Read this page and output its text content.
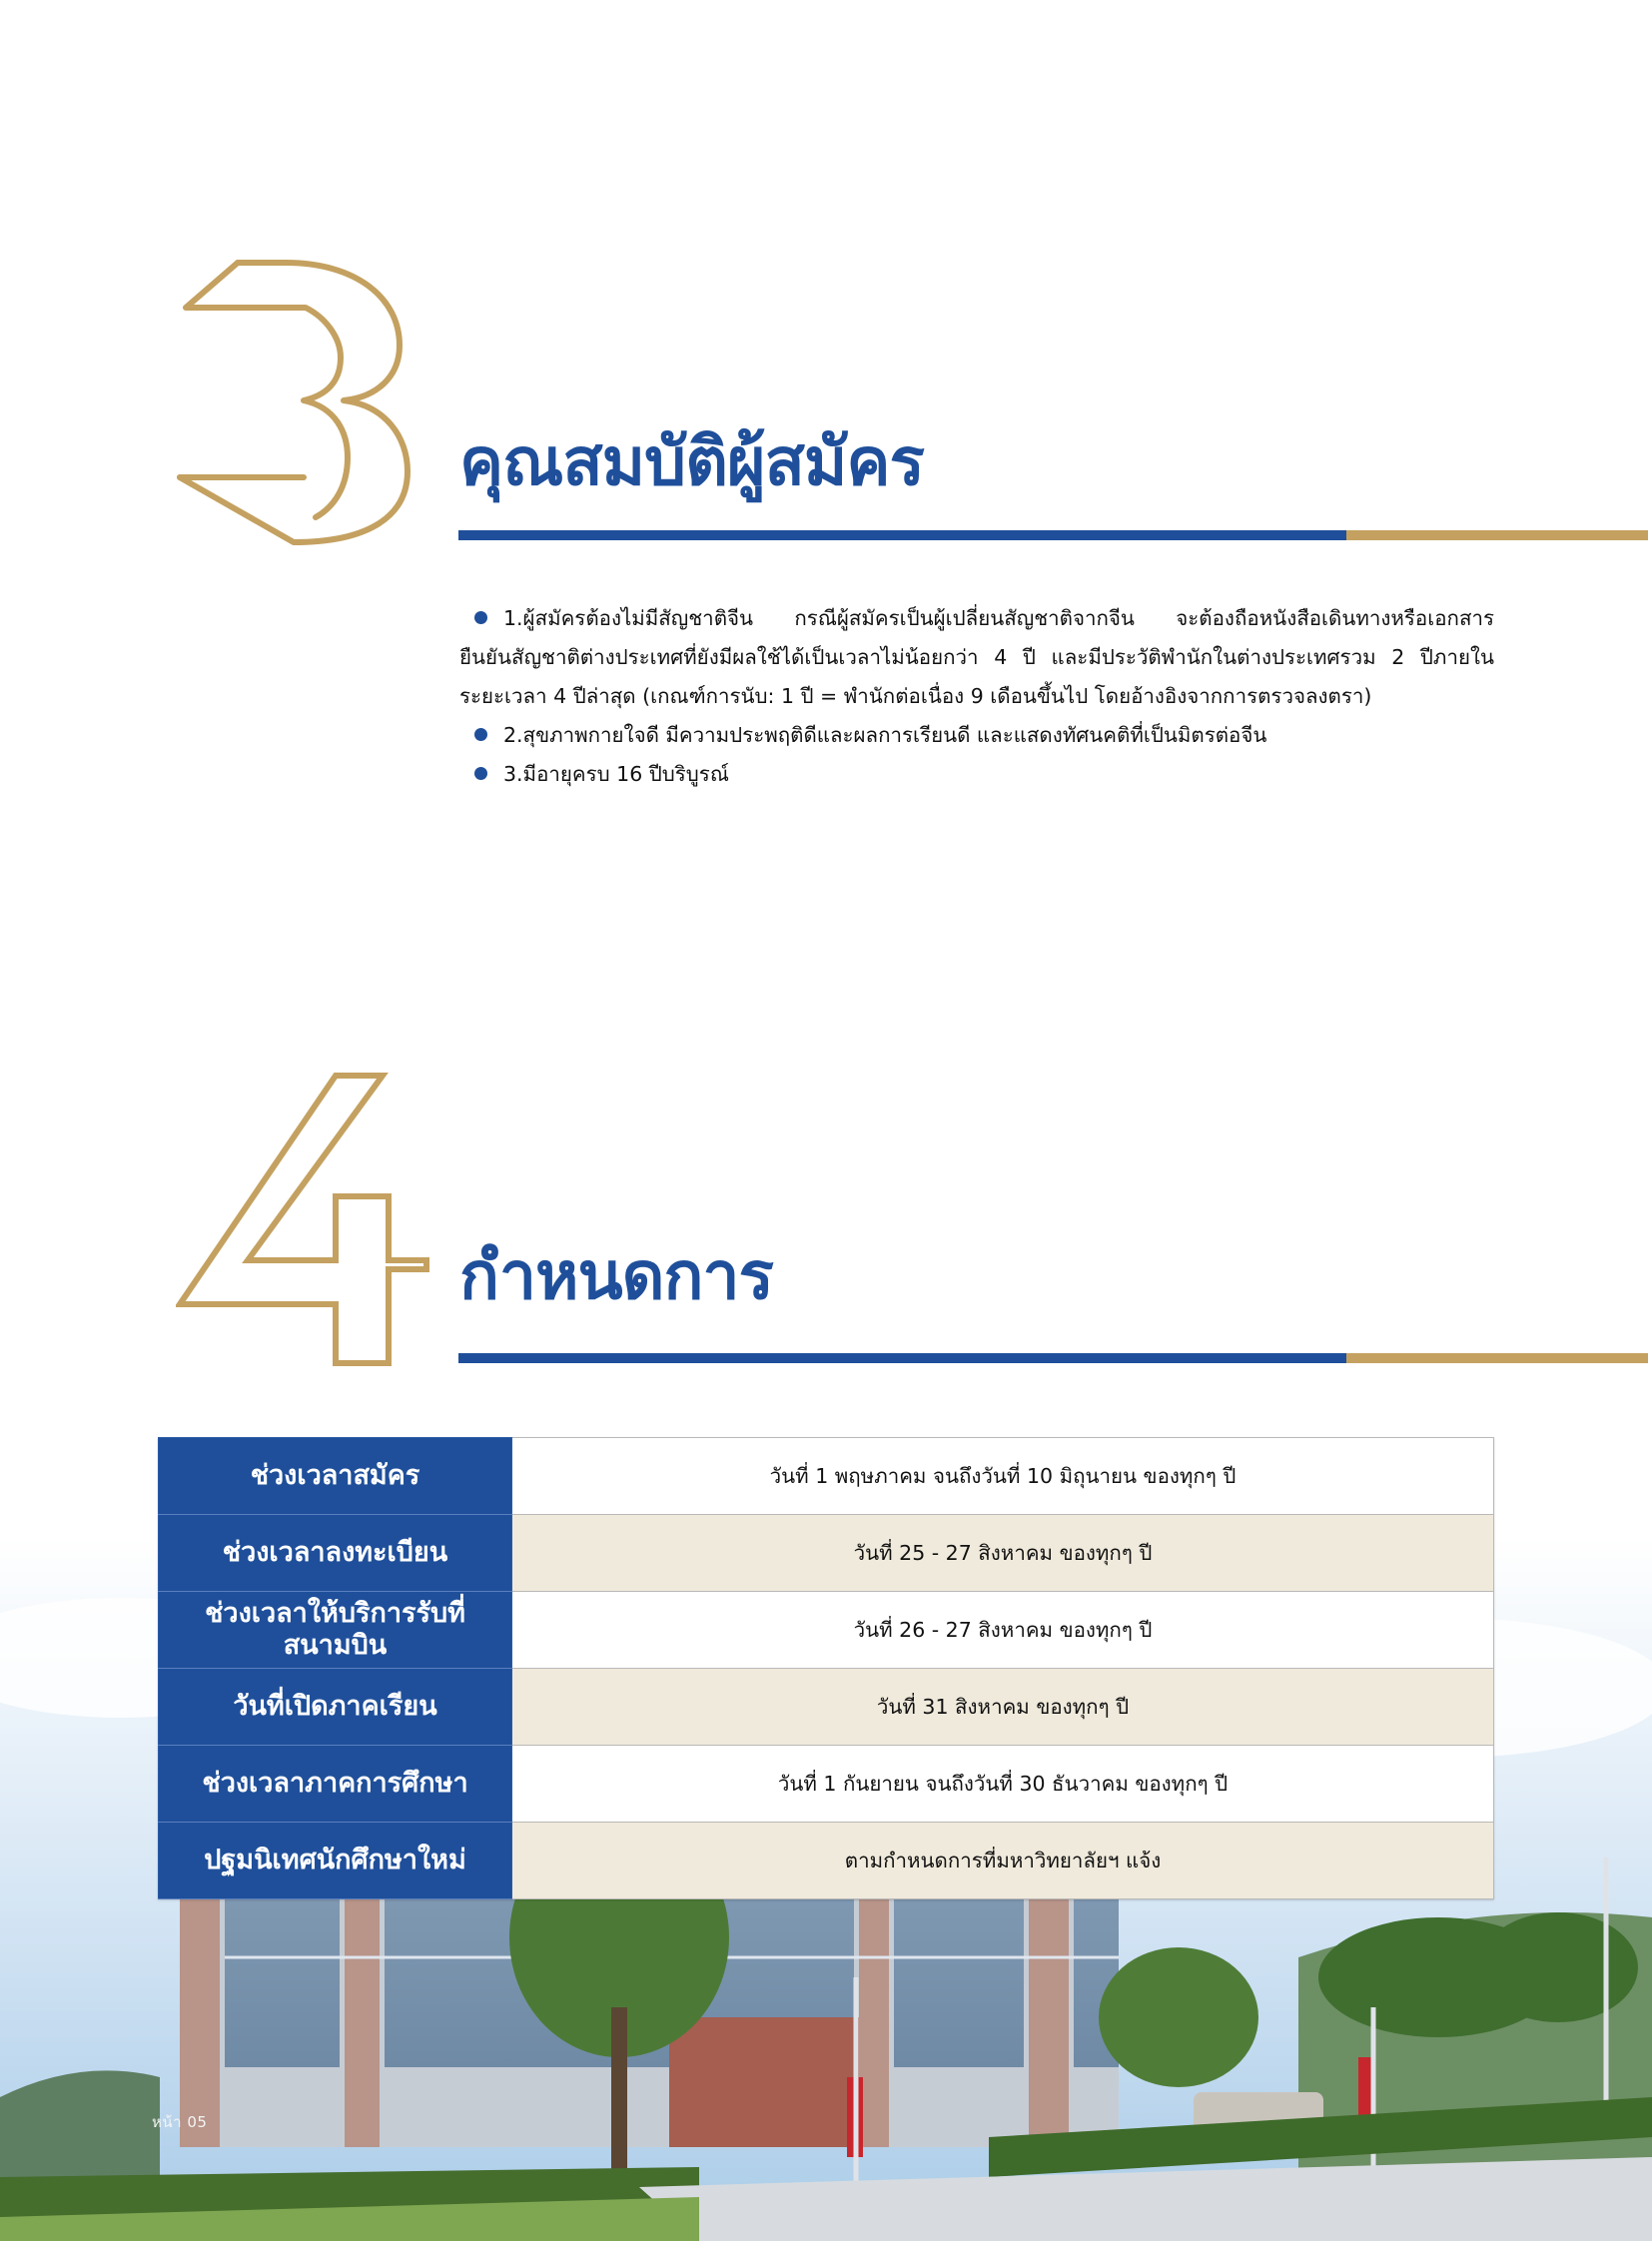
คุณสมบัติผู้สมัคร
1.ผู้สมัครต้องไม่มีสัญชาติจีน กรณีผู้สมัครเป็นผู้เปลี่ยนสัญชาติจากจีน จะต้องถือหนังสือเดินทางหรือเอกสาร
ยืนยันสัญชาติต่างประเทศที่ยังมีผลใช้ได้เป็นเวลาไม่น้อยกว่า 4 ปี และมีประวัติพำนักในต่างประเทศรวม 2 ปีภายใน
ระยะเวลา 4 ปีล่าสุด (เกณฑ์การนับ: 1 ปี = พำนักต่อเนื่อง 9 เดือนขึ้นไป โดยอ้างอิงจากการตรวจลงตรา)
2.สุขภาพกายใจดี มีความประพฤติดีและผลการเรียนดี และแสดงทัศนคติที่เป็นมิตรต่อจีน
3.มีอายุครบ 16 ปีบริบูรณ์
กำหนดการ
ช่วงเวลาสมัคร	วันที่ 1 พฤษภาคม จนถึงวันที่ 10 มิถุนายน ของทุกๆ ปี
ช่วงเวลาลงทะเบียน	วันที่ 25 - 27 สิงหาคม ของทุกๆ ปี

ช่วงเวลาให้บริการรับที่
สนามบิน	วันที่ 26 - 27 สิงหาคม ของทุกๆ ปี
วันที่เปิดภาคเรียน	วันที่ 31 สิงหาคม ของทุกๆ ปี
ช่วงเวลาภาคการศึกษา	วันที่ 1 กันยายน จนถึงวันที่ 30 ธันวาคม ของทุกๆ ปี
ปฐมนิเทศนักศึกษาใหม่	ตามกำหนดการที่มหาวิทยาลัยฯ แจ้ง
หน้า 05
